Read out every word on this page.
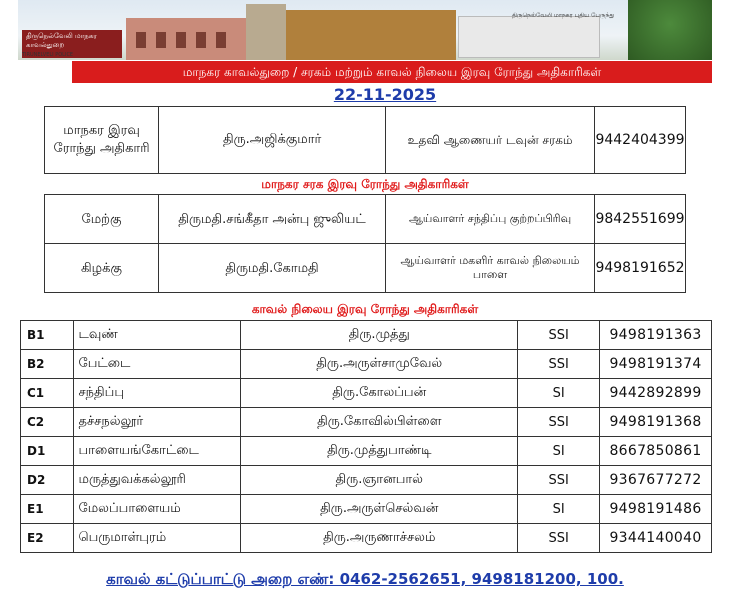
திருநெல்வேலி மாநகர காவல்துறை
TIRUNELVELI POLICE
திருநெல்வேலி மாநகர புதிய பேருந்து
மாநகர காவல்துறை / சரகம் மற்றும் காவல் நிலைய இரவு ரோந்து அதிகாரிகள்
22-11-2025
மாநகர இரவு ரோந்து அதிகாரி	திரு.அஜிக்குமார்	உதவி ஆணையர் டவுன் சரகம்	9442404399
மாநகர சரக இரவு ரோந்து அதிகாரிகள்
மேற்கு	திருமதி.சங்கீதா அன்பு ஜுலியட்	ஆய்வாளர் சந்திப்பு குற்றப்பிரிவு	9842551699
கிழக்கு	திருமதி.கோமதி	ஆய்வாளர் மகளிர் காவல் நிலையம் பாளை	9498191652
காவல் நிலைய இரவு ரோந்து அதிகாரிகள்
B1	டவுண்	திரு.முத்து	SSI	9498191363
B2	பேட்டை	திரு.அருள்சாமுவேல்	SSI	9498191374
C1	சந்திப்பு	திரு.கோலப்பன்	SI	9442892899
C2	தச்சநல்லூர்	திரு.கோவில்பிள்ளை	SSI	9498191368
D1	பாளையங்கோட்டை	திரு.முத்துபாண்டி	SI	8667850861
D2	மருத்துவக்கல்லூரி	திரு.ஞானபால்	SSI	9367677272
E1	மேலப்பாளையம்	திரு.அருள்செல்வன்	SI	9498191486
E2	பெருமாள்புரம்	திரு.அருணாச்சலம்	SSI	9344140040
காவல் கட்டுப்பாட்டு அறை எண்: 0462-2562651, 9498181200, 100.
